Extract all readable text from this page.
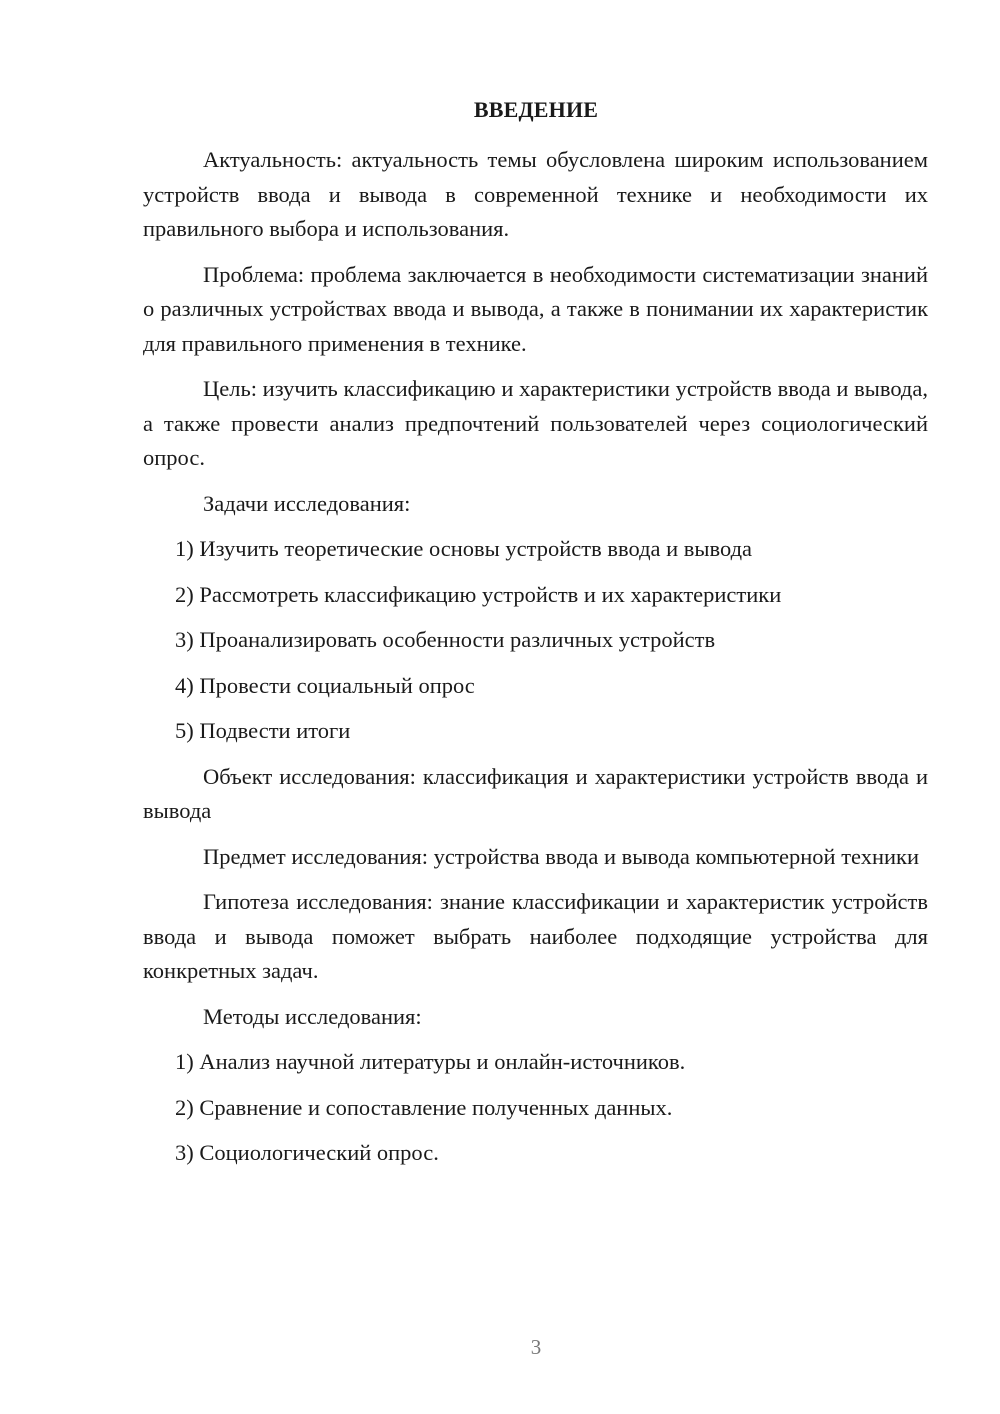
ВВЕДЕНИЕ

Актуальность: актуальность темы обусловлена широким использованием устройств ввода и вывода в современной технике и необходимости их правильного выбора и использования.

Проблема: проблема заключается в необходимости систематизации знаний о различных устройствах ввода и вывода, а также в понимании их характеристик для правильного применения в технике.

Цель: изучить классификацию и характеристики устройств ввода и вывода, а также провести анализ предпочтений пользователей через социологический опрос.

Задачи исследования:

1) Изучить теоретические основы устройств ввода и вывода
2) Рассмотреть классификацию устройств и их характеристики
3) Проанализировать особенности различных устройств
4) Провести социальный опрос
5) Подвести итоги

Объект исследования: классификация и характеристики устройств ввода и вывода

Предмет исследования: устройства ввода и вывода компьютерной техники

Гипотеза исследования: знание классификации и характеристик устройств ввода и вывода поможет выбрать наиболее подходящие устройства для конкретных задач.

Методы исследования:

1) Анализ научной литературы и онлайн-источников.
2) Сравнение и сопоставление полученных данных.
3) Социологический опрос.
3
